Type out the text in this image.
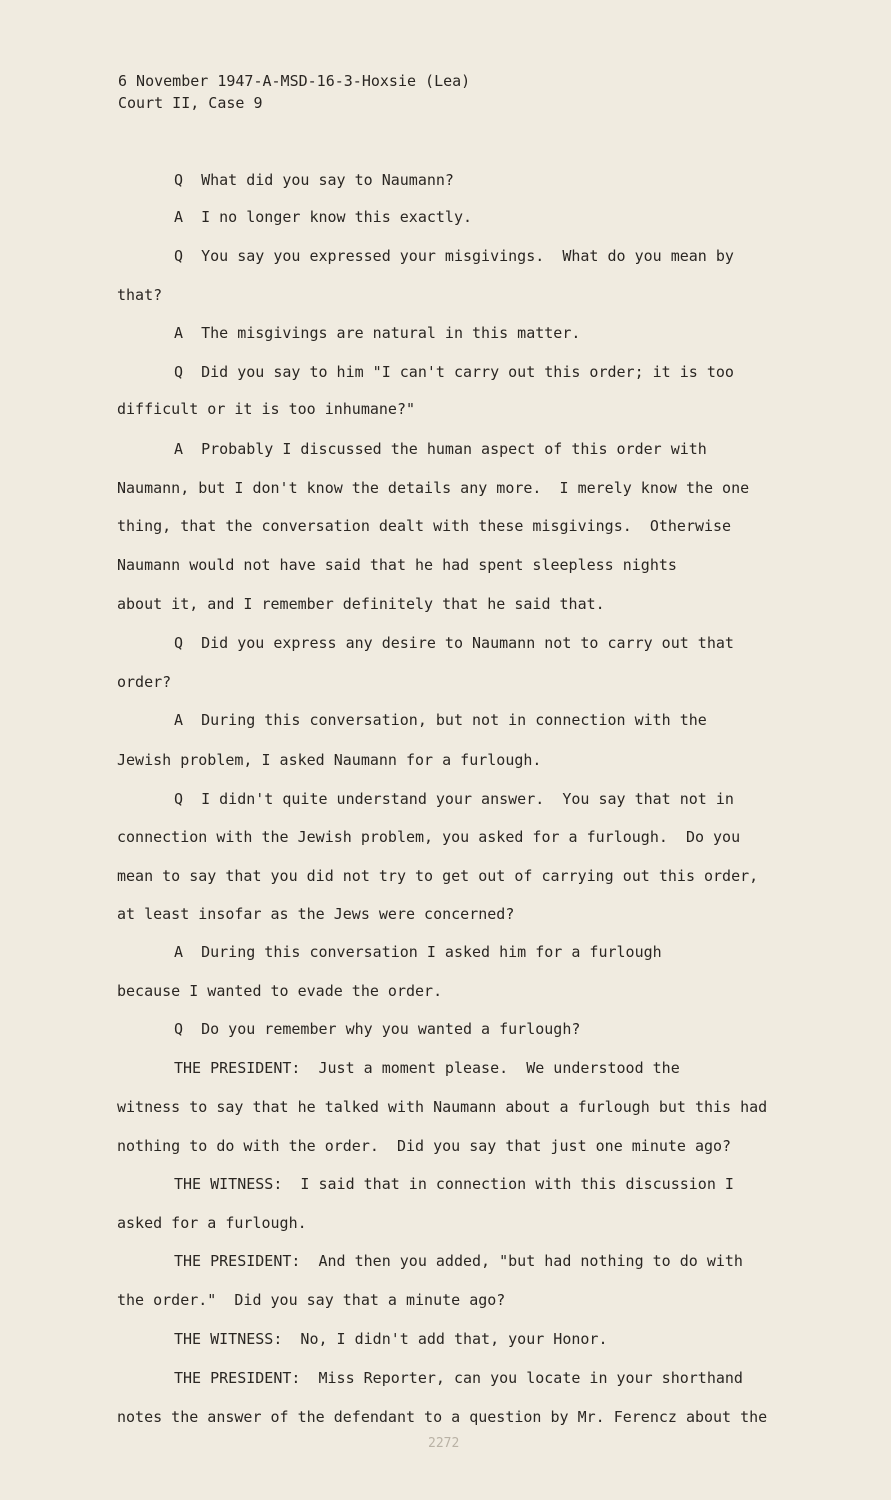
6 November 1947-A-MSD-16-3-Hoxsie (Lea)
Court II, Case 9
Q  What did you say to Naumann?
A  I no longer know this exactly.
Q  You say you expressed your misgivings.  What do you mean by
that?
A  The misgivings are natural in this matter.
Q  Did you say to him "I can't carry out this order; it is too
difficult or it is too inhumane?"
A  Probably I discussed the human aspect of this order with
Naumann, but I don't know the details any more.  I merely know the one
thing, that the conversation dealt with these misgivings.  Otherwise
Naumann would not have said that he had spent sleepless nights
about it, and I remember definitely that he said that.
Q  Did you express any desire to Naumann not to carry out that
order?
A  During this conversation, but not in connection with the
Jewish problem, I asked Naumann for a furlough.
Q  I didn't quite understand your answer.  You say that not in
connection with the Jewish problem, you asked for a furlough.  Do you
mean to say that you did not try to get out of carrying out this order,
at least insofar as the Jews were concerned?
A  During this conversation I asked him for a furlough
because I wanted to evade the order.
Q  Do you remember why you wanted a furlough?
THE PRESIDENT:  Just a moment please.  We understood the
witness to say that he talked with Naumann about a furlough but this had
nothing to do with the order.  Did you say that just one minute ago?
THE WITNESS:  I said that in connection with this discussion I
asked for a furlough.
THE PRESIDENT:  And then you added, "but had nothing to do with
the order."  Did you say that a minute ago?
THE WITNESS:  No, I didn't add that, your Honor.
THE PRESIDENT:  Miss Reporter, can you locate in your shorthand
notes the answer of the defendant to a question by Mr. Ferencz about the
2272
